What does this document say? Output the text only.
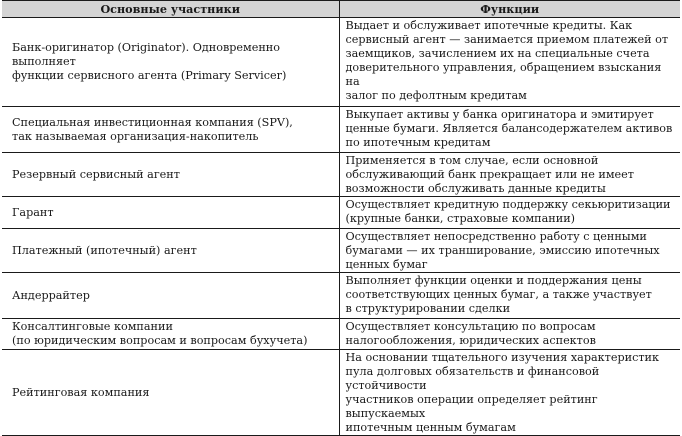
Основные участники	Функции
Банк-оригинатор (Originator). Одновременно выполняет
функции сервисного агента (Primary Servicer)	Выдает и обслуживает ипотечные кредиты. Как
сервисный агент — занимается приемом платежей от
заемщиков, зачислением их на специальные счета
доверительного управления, обращением взыскания на
залог по дефолтным кредитам
Специальная инвестиционная компания (SPV),
так называемая организация-накопитель	Выкупает активы у банка оригинатора и эмитирует
ценные бумаги. Является балансодержателем активов
по ипотечным кредитам
Резервный сервисный агент	Применяется в том случае, если основной
обслуживающий банк прекращает или не имеет
возможности обслуживать данные кредиты
Гарант	Осуществляет кредитную поддержку секьюритизации
(крупные банки, страховые компании)
Платежный (ипотечный) агент	Осуществляет непосредственно работу с ценными
бумагами — их транширование, эмиссию ипотечных
ценных бумаг
Андеррайтер	Выполняет функции оценки и поддержания цены
соответствующих ценных бумаг, а также участвует
в структурировании сделки
Консалтинговые компании
(по юридическим вопросам и вопросам бухучета)	Осуществляет консультацию по вопросам
налогообложения, юридических аспектов
Рейтинговая компания	На основании тщательного изучения характеристик
пула долговых обязательств и финансовой устойчивости
участников операции определяет рейтинг выпускаемых
ипотечным ценным бумагам
